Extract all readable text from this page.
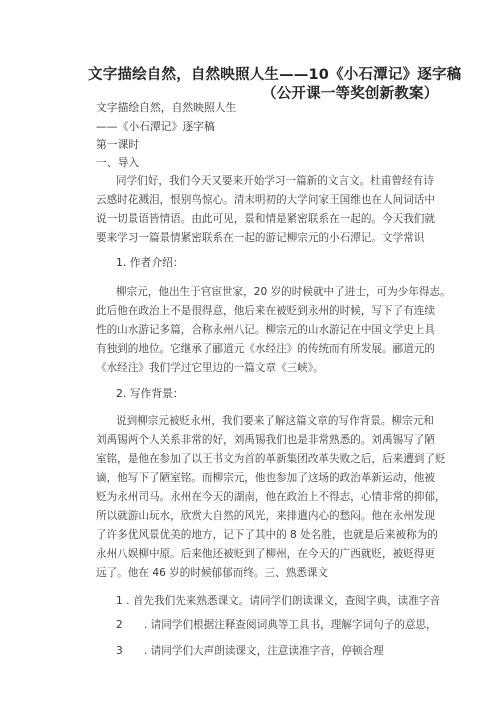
文字描绘自然，自然映照人生——10《小石潭记》逐字稿
（公开课一等奖创新教案）
文字描绘自然，自然映照人生
——《小石潭记》逐字稿
第一课时
一、导入
同学们好，我们今天又要来开始学习一篇新的文言文。杜甫曾经有诗
云感时花溅泪，恨别鸟惊心。清末明初的大学问家王国维也在人间词话中
说一切景语皆情语。由此可见，景和情是紧密联系在一起的。今天我们就
要来学习一篇景情紧密联系在一起的游记柳宗元的小石潭记。文学常识
1. 作者介绍：
柳宗元，他出生于官宦世家，20 岁的时候就中了进士，可为少年得志。
此后他在政治上不是很得意，他后来在被贬到永州的时候，写下了有连续
性的山水游记多篇，合称永州八记。柳宗元的山水游记在中国文学史上具
有独到的地位。它继承了郦道元《水经注》的传统而有所发展。郦道元的
《水经注》我们学过它里边的一篇文章《三峡》。
2. 写作背景：
说到柳宗元被贬永州，我们要来了解这篇文章的写作背景。柳宗元和
刘禹锡两个人关系非常的好，刘禹锡我们也是非常熟悉的。刘禹锡写了陋
室铭，是他在参加了以王书文为首的革新集团改革失败之后，后来遭到了贬
谪，他写下了陋室铭。而柳宗元，他也参加了这场的政治革新运动，他被
贬为永州司马。永州在今天的湖南，他在政治上不得志，心情非常的抑郁，
所以就游山玩水，欣赏大自然的风光，来排遣内心的愁闷。他在永州发现
了许多优风景优美的地方，记下了其中的 8 处名胜，也就是后来被称为的
永州八娱柳中原。后来他还被贬到了柳州，在今天的广西就贬，被贬得更
远了。他在 46 岁的时候郁郁而终。三、熟悉课文
1 . 首先我们先来熟悉课文。请同学们朗读课文，查阅字典，读准字音
2　　. 请同学们根据注释查阅词典等工具书，理解字词句子的意思，
3　　. 请同学们大声朗读课文，注意读准字音，停顿合理
